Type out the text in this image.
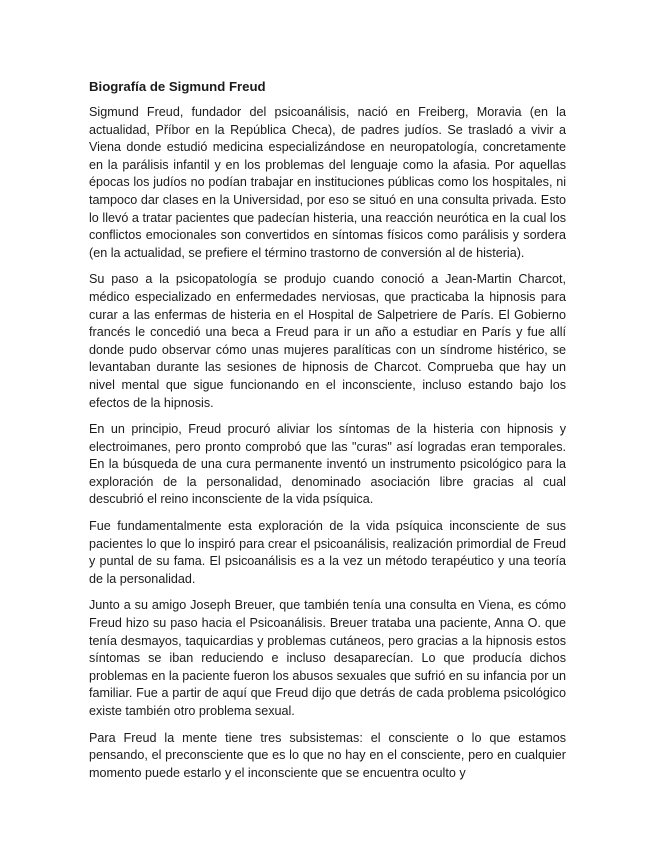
Biografía de Sigmund Freud

Sigmund Freud, fundador del psicoanálisis, nació en Freiberg, Moravia (en la actualidad, Příbor en la República Checa), de padres judíos. Se trasladó a vivir a Viena donde estudió medicina especializándose en neuropatología, concretamente en la parálisis infantil y en los problemas del lenguaje como la afasia. Por aquellas épocas los judíos no podían trabajar en instituciones públicas como los hospitales, ni tampoco dar clases en la Universidad, por eso se situó en una consulta privada. Esto lo llevó a tratar pacientes que padecían histeria, una reacción neurótica en la cual los conflictos emocionales son convertidos en síntomas físicos como parálisis y sordera (en la actualidad, se prefiere el término trastorno de conversión al de histeria).

Su paso a la psicopatología se produjo cuando conoció a Jean-Martin Charcot, médico especializado en enfermedades nerviosas, que practicaba la hipnosis para curar a las enfermas de histeria en el Hospital de Salpetriere de París. El Gobierno francés le concedió una beca a Freud para ir un año a estudiar en París y fue allí donde pudo observar cómo unas mujeres paralíticas con un síndrome histérico, se levantaban durante las sesiones de hipnosis de Charcot. Comprueba que hay un nivel mental que sigue funcionando en el inconsciente, incluso estando bajo los efectos de la hipnosis.

En un principio, Freud procuró aliviar los síntomas de la histeria con hipnosis y electroimanes, pero pronto comprobó que las "curas" así logradas eran temporales. En la búsqueda de una cura permanente inventó un instrumento psicológico para la exploración de la personalidad, denominado asociación libre gracias al cual descubrió el reino inconsciente de la vida psíquica.

Fue fundamentalmente esta exploración de la vida psíquica inconsciente de sus pacientes lo que lo inspiró para crear el psicoanálisis, realización primordial de Freud y puntal de su fama. El psicoanálisis es a la vez un método terapéutico y una teoría de la personalidad.

Junto a su amigo Joseph Breuer, que también tenía una consulta en Viena, es cómo Freud hizo su paso hacia el Psicoanálisis. Breuer trataba una paciente, Anna O. que tenía desmayos, taquicardias y problemas cutáneos, pero gracias a la hipnosis estos síntomas se iban reduciendo e incluso desaparecían. Lo que producía dichos problemas en la paciente fueron los abusos sexuales que sufrió en su infancia por un familiar. Fue a partir de aquí que Freud dijo que detrás de cada problema psicológico existe también otro problema sexual.

Para Freud la mente tiene tres subsistemas: el consciente o lo que estamos pensando, el preconsciente que es lo que no hay en el consciente, pero en cualquier momento puede estarlo y el inconsciente que se encuentra oculto y
